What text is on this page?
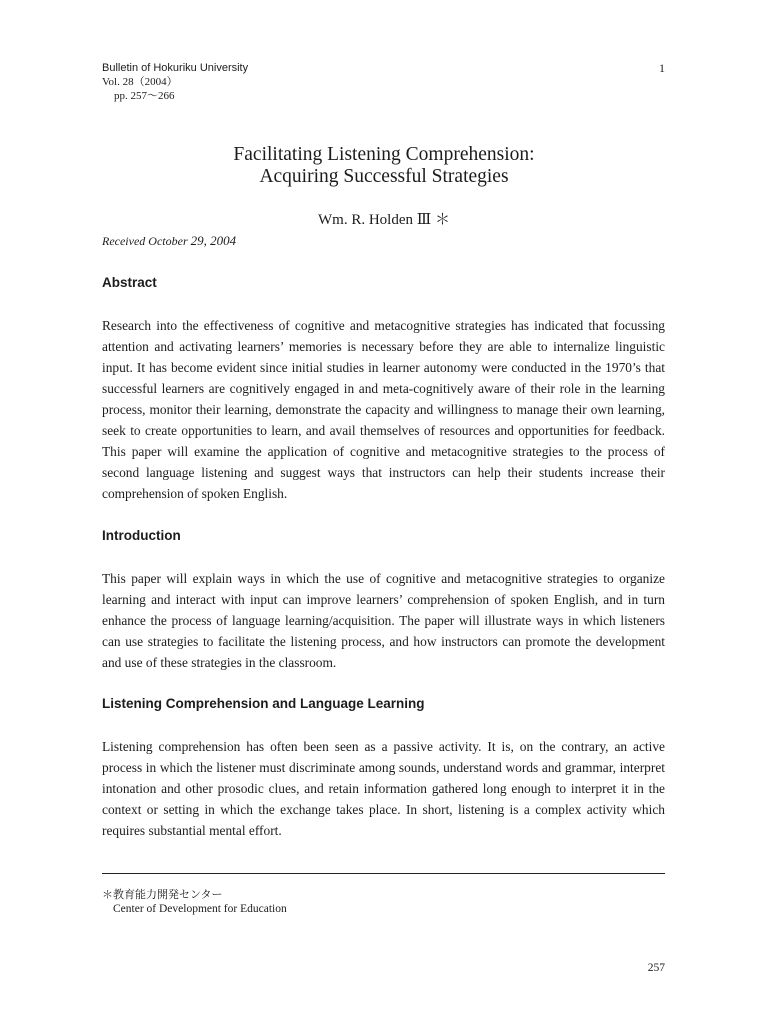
Bulletin of Hokuriku University
Vol. 28（2004）
pp. 257〜266
1
Facilitating Listening Comprehension:
Acquiring Successful Strategies
Wm. R. Holden Ⅲ ＊
Received October 29, 2004
Abstract

Research into the effectiveness of cognitive and metacognitive strategies has indicated that focussing attention and activating learners’ memories is necessary before they are able to internalize linguistic input. It has become evident since initial studies in learner autonomy were conducted in the 1970’s that successful learners are cognitively engaged in and meta-cognitively aware of their role in the learning process, monitor their learning, demonstrate the capacity and willingness to manage their own learning, seek to create opportunities to learn, and avail themselves of resources and opportunities for feedback. This paper will examine the application of cognitive and metacognitive strategies to the process of second language listening and suggest ways that instructors can help their students increase their comprehension of spoken English.

Introduction

This paper will explain ways in which the use of cognitive and metacognitive strategies to organize learning and interact with input can improve learners’ comprehension of spoken English, and in turn enhance the process of language learning/acquisition. The paper will illustrate ways in which listeners can use strategies to facilitate the listening process, and how instructors can promote the development and use of these strategies in the classroom.

Listening Comprehension and Language Learning

Listening comprehension has often been seen as a passive activity. It is, on the contrary, an active process in which the listener must discriminate among sounds, understand words and grammar, interpret intonation and other prosodic clues, and retain information gathered long enough to interpret it in the context or setting in which the exchange takes place. In short, listening is a complex activity which requires substantial mental effort.

＊教育能力開発センター
Center of Development for Education
257
